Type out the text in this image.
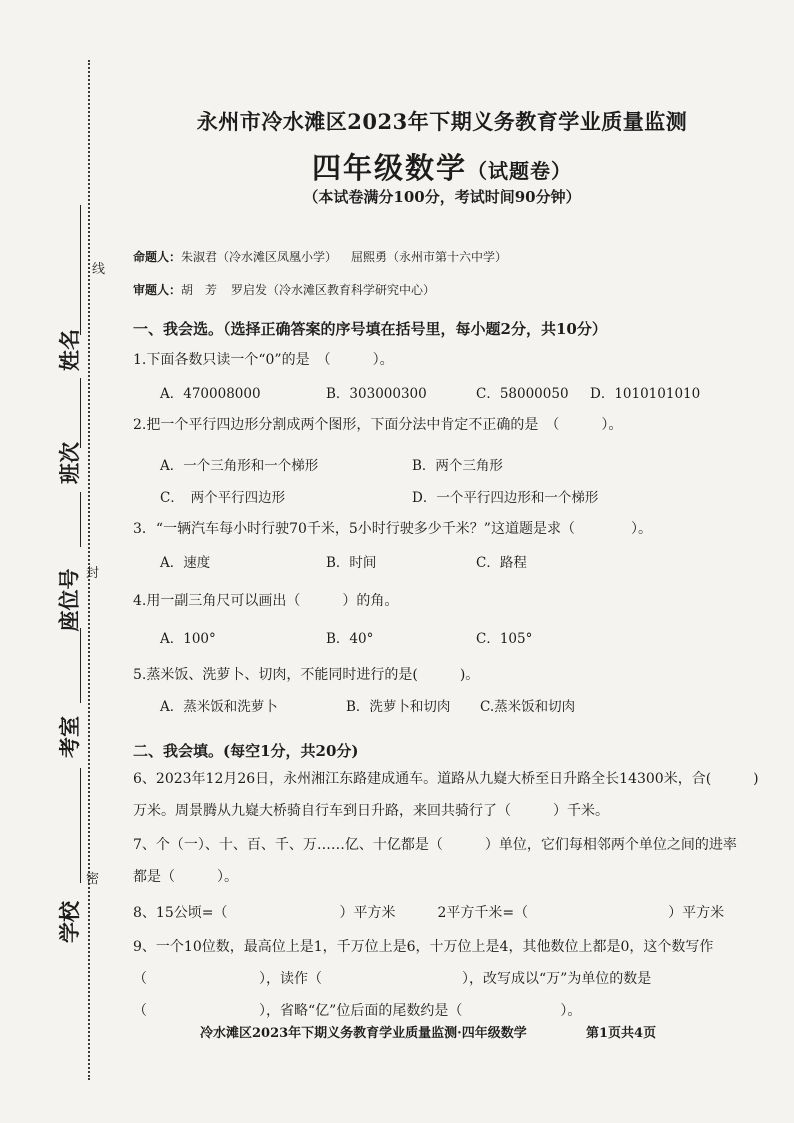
线
封
密
姓名
班次
座位号
考室
学校
永州市冷水滩区2023年下期义务教育学业质量监测
四年级数学（试题卷）
（本试卷满分100分，考试时间90分钟）
命题人：朱淑君（冷水滩区凤凰小学） 屈熙勇（永州市第十六中学）
审题人：胡　芳 罗启发（冷水滩区教育科学研究中心）
一、我会选。（选择正确答案的序号填在括号里，每小题2分，共10分）
1.下面各数只读一个“0”的是　（　　　）。
A．470008000	B．303000300	C．58000050 D．1010101010
2.把一个平行四边形分割成两个图形，下面分法中肯定不正确的是　（　　　）。
A．一个三角形和一个梯形	B．两个三角形
C．　两个平行四边形	D．一个平行四边形和一个梯形
3．“一辆汽车每小时行驶70千米，5小时行驶多少千米？”这道题是求（　　　　）。
A．速度	B．时间	C．路程
4.用一副三角尺可以画出（　　　）的角。
A．100°	B．40°	C．105°
5.蒸米饭、洗萝卜、切肉，不能同时进行的是(　　　)。
A．蒸米饭和洗萝卜	B．洗萝卜和切肉 C.蒸米饭和切肉
二、我会填。(每空1分，共20分)
6、2023年12月26日，永州湘江东路建成通车。道路从九嶷大桥至日升路全长14300米，合(　　　)
万米。周景腾从九嶷大桥骑自行车到日升路，来回共骑行了（　　　）千米。
7、个（一）、十、百、千、万……亿、十亿都是（　　　）单位，它们每相邻两个单位之间的进率
都是（　　　）。
8、15公顷=（　　　　　　　　）平方米　　　2平方千米=（　　　　　　　　　　）平方米
9、一个10位数，最高位上是1，千万位上是6，十万位上是4，其他数位上都是0，这个数写作
（　　　　　　　　），读作（　　　　　　　　　　），改写成以“万”为单位的数是
（　　　　　　　　），省略“亿”位后面的尾数约是（　　　　　　　）。
冷水滩区2023年下期义务教育学业质量监测·四年级数学	第1页共4页
